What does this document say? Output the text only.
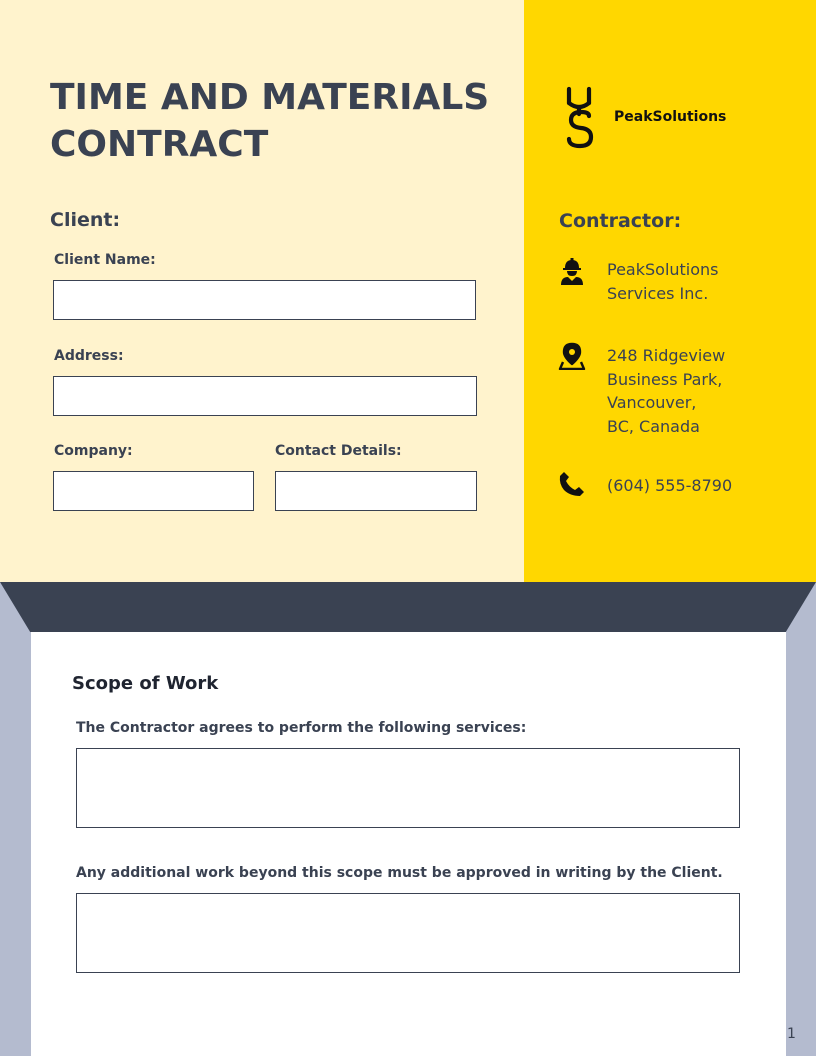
TIME AND MATERIALS CONTRACT
Client:
Client Name:
Address:
Company:	Contact Details:
PeakSolutions
Contractor:
PeakSolutions
Services Inc.
248 Ridgeview
Business Park,
Vancouver,
BC, Canada
(604) 555-8790
Scope of Work
The Contractor agrees to perform the following services:
Any additional work beyond this scope must be approved in writing by the Client.
1
